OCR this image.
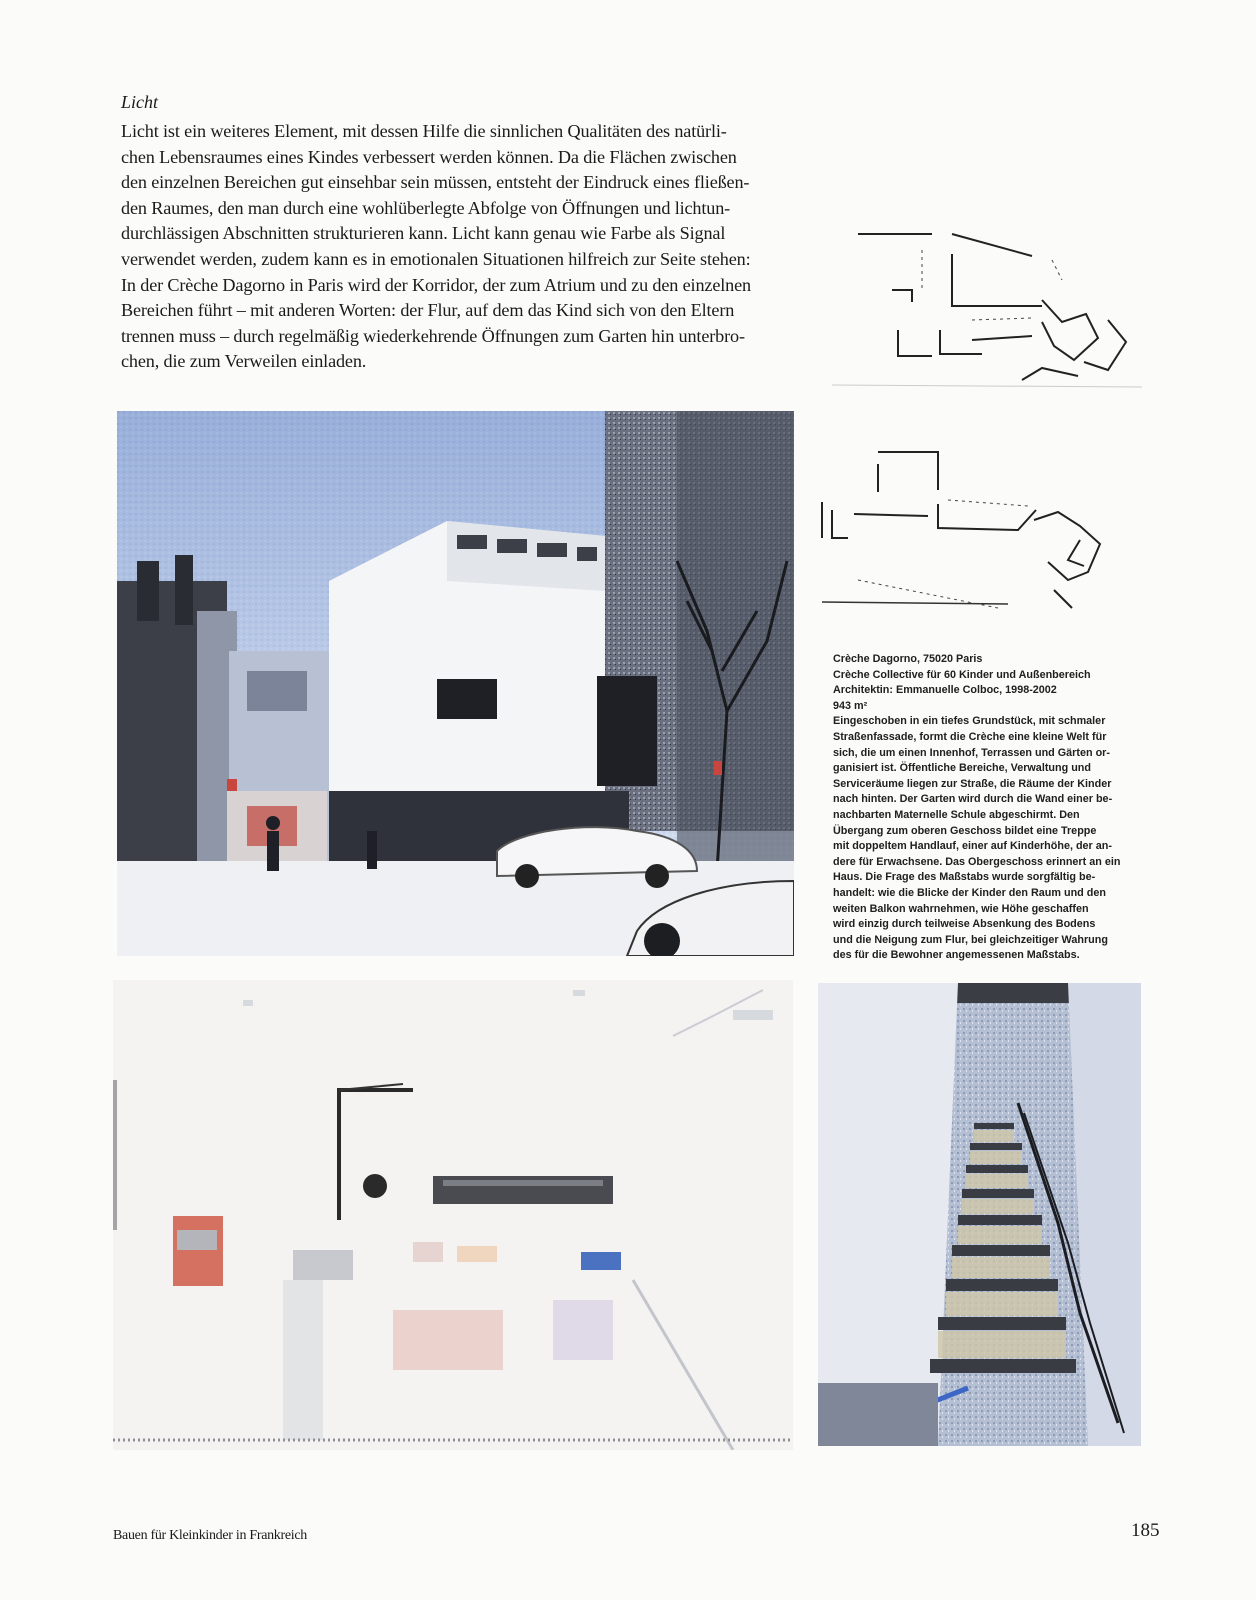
Licht
Licht ist ein weiteres Element, mit dessen Hilfe die sinnlichen Qualitäten des natürli-
chen Lebensraumes eines Kindes verbessert werden können. Da die Flächen zwischen
den einzelnen Bereichen gut einsehbar sein müssen, entsteht der Eindruck eines fließen-
den Raumes, den man durch eine wohlüberlegte Abfolge von Öffnungen und lichtun-
durchlässigen Abschnitten strukturieren kann. Licht kann genau wie Farbe als Signal
verwendet werden, zudem kann es in emotionalen Situationen hilfreich zur Seite stehen:
In der Crèche Dagorno in Paris wird der Korridor, der zum Atrium und zu den einzelnen
Bereichen führt – mit anderen Worten: der Flur, auf dem das Kind sich von den Eltern
trennen muss – durch regelmäßig wiederkehrende Öffnungen zum Garten hin unterbro-
chen, die zum Verweilen einladen.
Crèche Dagorno, 75020 Paris
Crèche Collective für 60 Kinder und Außenbereich
Architektin: Emmanuelle Colboc, 1998-2002
943 m²
Eingeschoben in ein tiefes Grundstück, mit schmaler
Straßenfassade, formt die Crèche eine kleine Welt für
sich, die um einen Innenhof, Terrassen und Gärten or-
ganisiert ist. Öffentliche Bereiche, Verwaltung und
Serviceräume liegen zur Straße, die Räume der Kinder
nach hinten. Der Garten wird durch die Wand einer be-
nachbarten Maternelle Schule abgeschirmt. Den
Übergang zum oberen Geschoss bildet eine Treppe
mit doppeltem Handlauf, einer auf Kinderhöhe, der an-
dere für Erwachsene. Das Obergeschoss erinnert an ein
Haus. Die Frage des Maßstabs wurde sorgfältig be-
handelt: wie die Blicke der Kinder den Raum und den
weiten Balkon wahrnehmen, wie Höhe geschaffen
wird einzig durch teilweise Absenkung des Bodens
und die Neigung zum Flur, bei gleichzeitiger Wahrung
des für die Bewohner angemessenen Maßstabs.
Bauen für Kleinkinder in Frankreich	185
